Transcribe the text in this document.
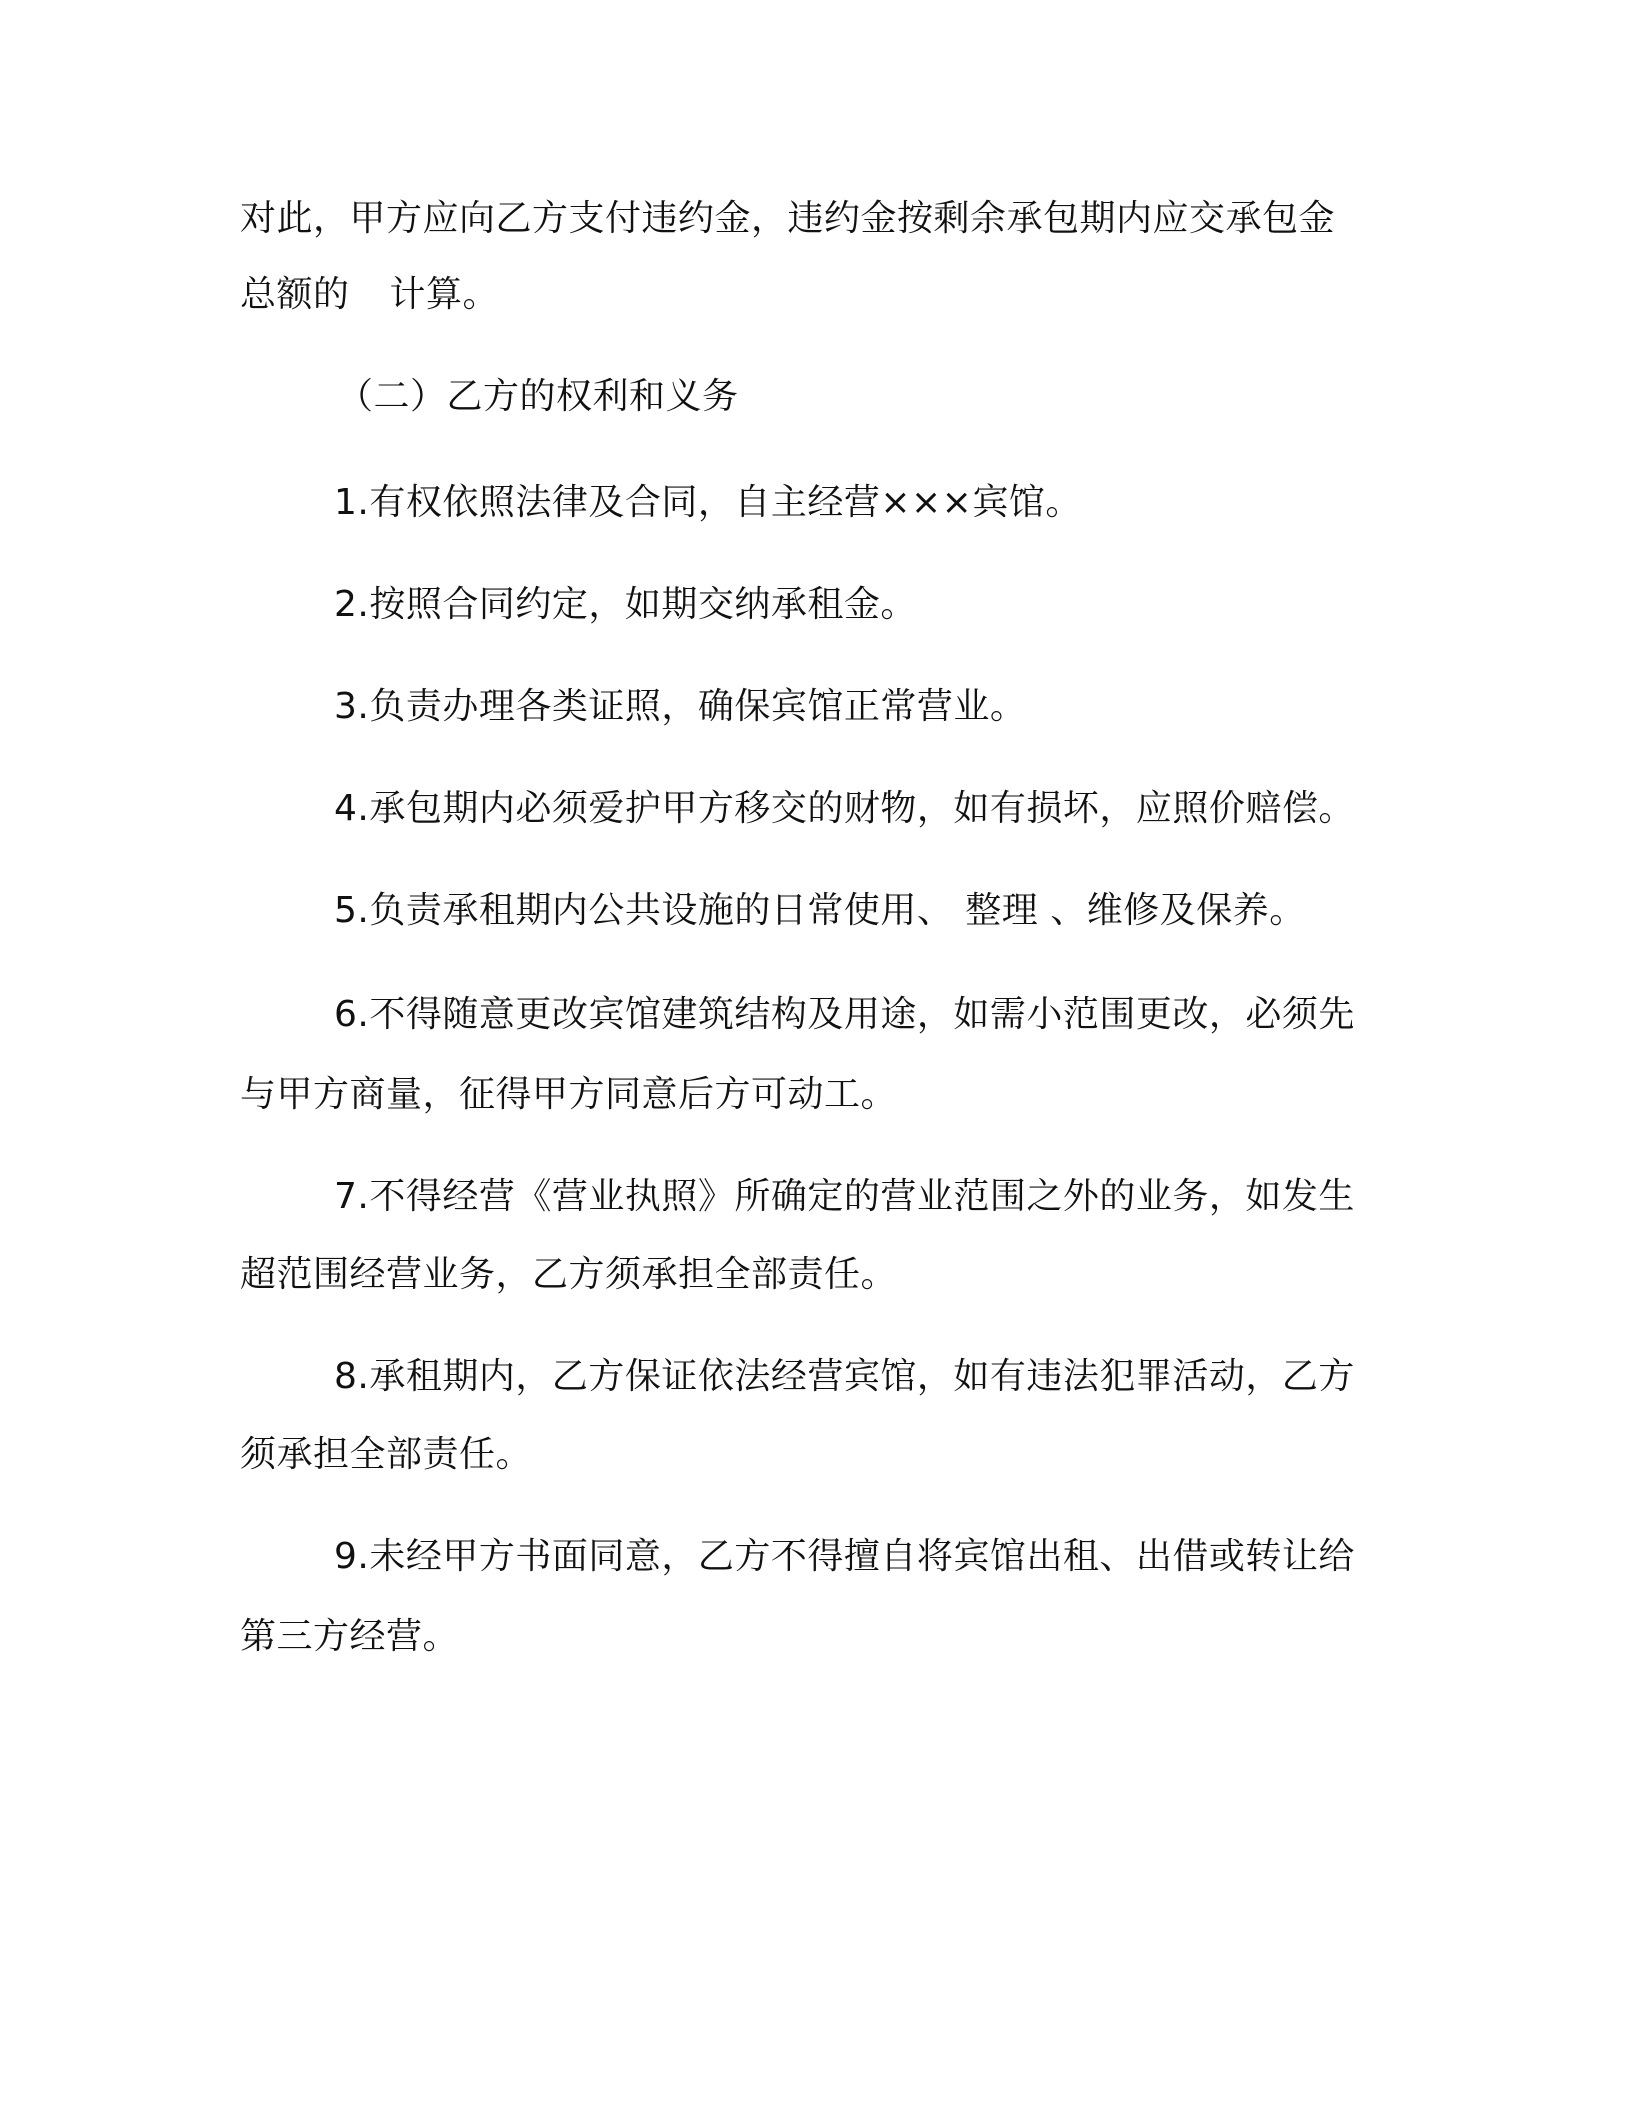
对此，甲方应向乙方支付违约金，违约金按剩余承包期内应交承包金
总额的 计算。
（二）乙方的权利和义务
1.有权依照法律及合同，自主经营×××宾馆。
2.按照合同约定，如期交纳承租金。
3.负责办理各类证照，确保宾馆正常营业。
4.承包期内必须爱护甲方移交的财物，如有损坏，应照价赔偿。
5.负责承租期内公共设施的日常使用、 整理 、维修及保养。
6.不得随意更改宾馆建筑结构及用途，如需小范围更改，必须先
与甲方商量，征得甲方同意后方可动工。
7.不得经营《营业执照》所确定的营业范围之外的业务，如发生
超范围经营业务，乙方须承担全部责任。
8.承租期内，乙方保证依法经营宾馆，如有违法犯罪活动，乙方
须承担全部责任。
9.未经甲方书面同意，乙方不得擅自将宾馆出租、出借或转让给
第三方经营。
